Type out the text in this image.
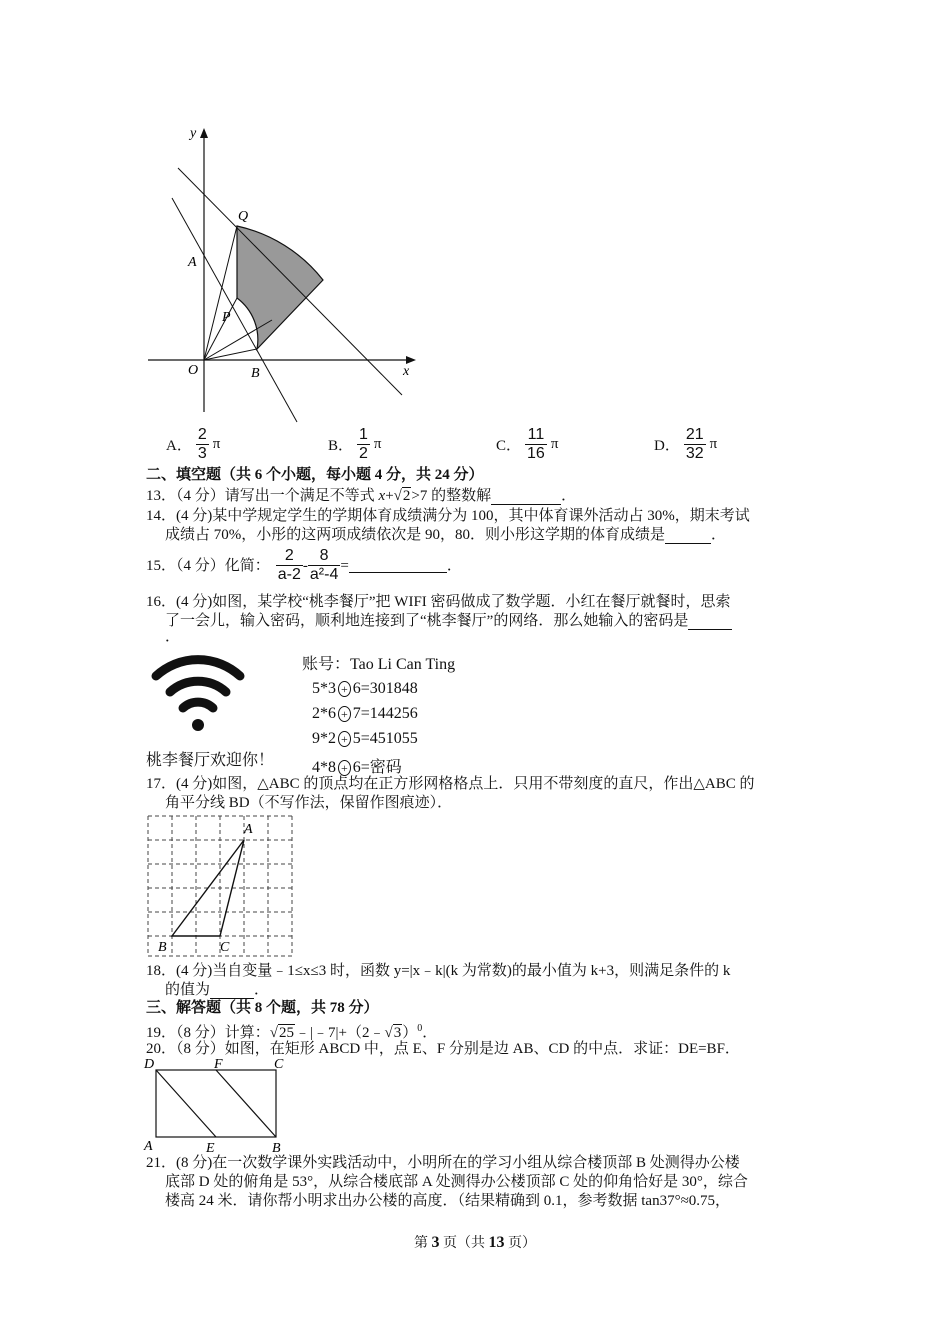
y
x
O	B
A
P
Q
A． $\frac{2}{3}$ π	B． $\frac{1}{2}$ π	C． $\frac{11}{16}$ π	D． $\frac{21}{32}$ π
二、填空题（共 6 个小题，每小题 4 分，共 24 分）
13．（4 分）请写出一个满足不等式 x+√2>7 的整数解	．
14．(4 分)某中学规定学生的学期体育成绩满分为 100，其中体育课外活动占 30%，期末考试
成绩占 70%，小彤的这两项成绩依次是 90，80．则小彤这学期的体育成绩是	．
15．（4 分）化简： $\frac{2}{a-2} - \frac{8}{\text{a²-4}}$ =	．
16．(4 分)如图，某学校“桃李餐厅”把 WIFI 密码做成了数学题．小红在餐厅就餐时，思索
了一会儿，输入密码，顺利地连接到了“桃李餐厅”的网络．那么她输入的密码是
．
桃李餐厅欢迎你！
账号：Tao Li Can Ting
5*3 + 6=301848
2*6 + 7=144256
9*2 + 5=451055
4*8 + 6=密码
17．(4 分)如图，△ABC 的顶点均在正方形网格格点上．只用不带刻度的直尺，作出△ABC 的
角平分线 BD（不写作法，保留作图痕迹）．
A
B	C
18．(4 分)当自变量﹣1≤x≤3 时，函数 y=|x﹣k|(k 为常数)的最小值为 k+3，则满足条件的 k
的值为	．
三、解答题（共 8 个题，共 78 分）
19．（8 分）计算：√25﹣|﹣7|+（2﹣√3）$^0$．
20．（8 分）如图，在矩形 ABCD 中，点 E、F 分别是边 AB、CD 的中点．求证：DE=BF．
D	F	C
A	E	B
21．(8 分)在一次数学课外实践活动中，小明所在的学习小组从综合楼顶部 B 处测得办公楼
底部 D 处的俯角是 53°，从综合楼底部 A 处测得办公楼顶部 C 处的仰角恰好是 30°，综合
楼高 24 米．请你帮小明求出办公楼的高度．（结果精确到 0.1，参考数据 tan37°≈0.75，
第 3 页（共 13 页）
